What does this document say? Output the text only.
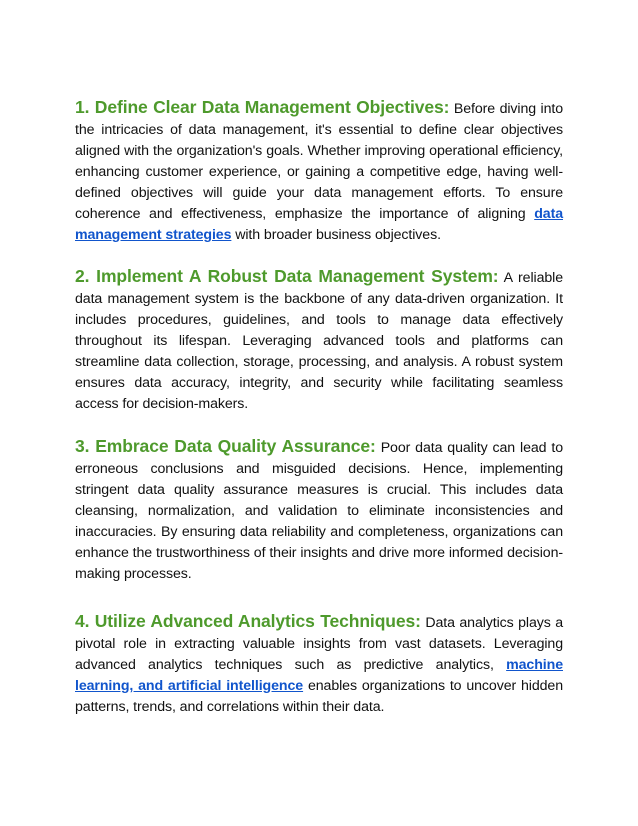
1. Define Clear Data Management Objectives: Before diving into the intricacies of data management, it's essential to define clear objectives aligned with the organization's goals. Whether improving operational efficiency, enhancing customer experience, or gaining a competitive edge, having well-defined objectives will guide your data management efforts. To ensure coherence and effectiveness, emphasize the importance of aligning data management strategies with broader business objectives.

2. Implement A Robust Data Management System: A reliable data management system is the backbone of any data-driven organization. It includes procedures, guidelines, and tools to manage data effectively throughout its lifespan. Leveraging advanced tools and platforms can streamline data collection, storage, processing, and analysis. A robust system ensures data accuracy, integrity, and security while facilitating seamless access for decision-makers.

3. Embrace Data Quality Assurance: Poor data quality can lead to erroneous conclusions and misguided decisions. Hence, implementing stringent data quality assurance measures is crucial. This includes data cleansing, normalization, and validation to eliminate inconsistencies and inaccuracies. By ensuring data reliability and completeness, organizations can enhance the trustworthiness of their insights and drive more informed decision-making processes.

4. Utilize Advanced Analytics Techniques: Data analytics plays a pivotal role in extracting valuable insights from vast datasets. Leveraging advanced analytics techniques such as predictive analytics, machine learning, and artificial intelligence enables organizations to uncover hidden patterns, trends, and correlations within their data.
